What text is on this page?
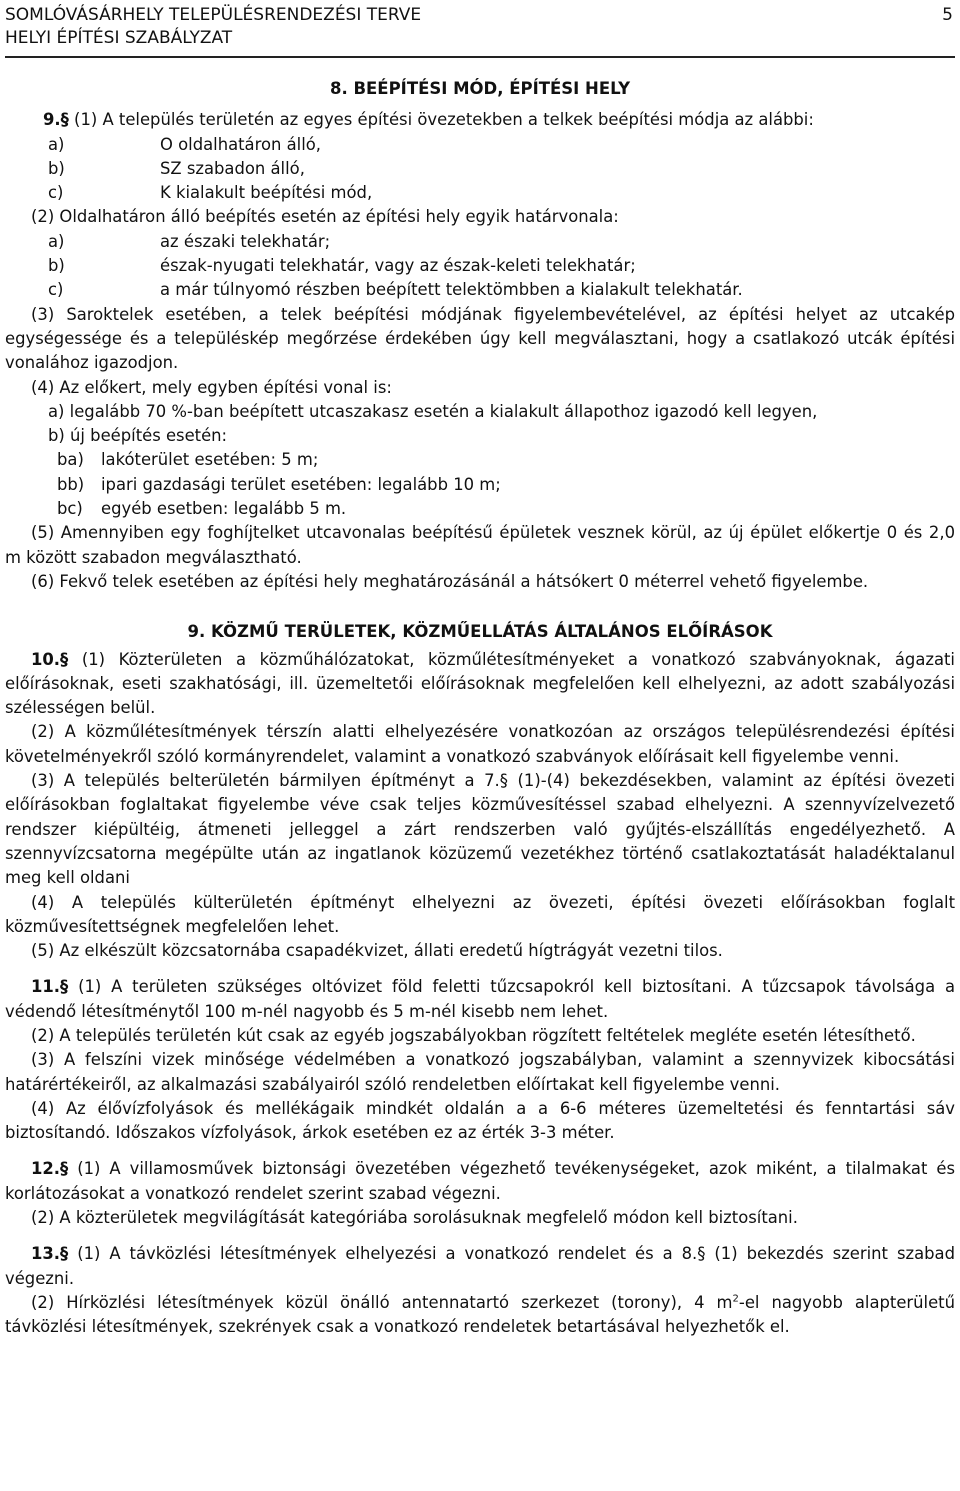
SOMLÓVÁSÁRHELY TELEPÜLÉSRENDEZÉSI TERVE
HELYI ÉPÍTÉSI SZABÁLYZAT
5
8. BEÉPÍTÉSI MÓD, ÉPÍTÉSI HELY

9.§ (1) A település területén az egyes építési övezetekben a telkek beépítési módja az alábbi:

a)	O oldalhatáron álló,
b)	SZ szabadon álló,
c)	K kialakult beépítési mód,

(2) Oldalhatáron álló beépítés esetén az építési hely egyik határvonala:

a)	az északi telekhatár;
b)	észak-nyugati telekhatár, vagy az észak-keleti telekhatár;
c)	a már túlnyomó részben beépített telektömbben a kialakult telekhatár.

(3) Saroktelek esetében, a telek beépítési módjának figyelembevételével, az építési helyet az utcakép egységessége és a településkép megőrzése érdekében úgy kell megválasztani, hogy a csatlakozó utcák építési vonalához igazodjon.

(4) Az előkert, mely egyben építési vonal is:

a) legalább 70 %-ban beépített utcaszakasz esetén a kialakult állapothoz igazodó kell legyen,

b) új beépítés esetén:

ba)	lakóterület esetében: 5 m;
bb)	ipari gazdasági terület esetében: legalább 10 m;
bc)	egyéb esetben: legalább 5 m.

(5) Amennyiben egy foghíjtelket utcavonalas beépítésű épületek vesznek körül, az új épület előkertje 0 és 2,0 m között szabadon megválasztható.

(6) Fekvő telek esetében az építési hely meghatározásánál a hátsókert 0 méterrel vehető figyelembe.

9. KÖZMŰ TERÜLETEK, KÖZMŰELLÁTÁS ÁLTALÁNOS ELŐÍRÁSOK

10.§ (1) Közterületen a közműhálózatokat, közműlétesítményeket a vonatkozó szabványoknak, ágazati előírásoknak, eseti szakhatósági, ill. üzemeltetői előírásoknak megfelelően kell elhelyezni, az adott szabályozási szélességen belül.

(2) A közműlétesítmények térszín alatti elhelyezésére vonatkozóan az országos településrendezési építési követelményekről szóló kormányrendelet, valamint a vonatkozó szabványok előírásait kell figyelembe venni.

(3) A település belterületén bármilyen építményt a 7.§ (1)-(4) bekezdésekben, valamint az építési övezeti előírásokban foglaltakat figyelembe véve csak teljes közművesítéssel szabad elhelyezni. A szennyvízelvezető rendszer kiépültéig, átmeneti jelleggel a zárt rendszerben való gyűjtés-elszállítás engedélyezhető. A szennyvízcsatorna megépülte után az ingatlanok közüzemű vezetékhez történő csatlakoztatását haladéktalanul meg kell oldani

(4) A település külterületén építményt elhelyezni az övezeti, építési övezeti előírásokban foglalt közművesítettségnek megfelelően lehet.

(5) Az elkészült közcsatornába csapadékvizet, állati eredetű hígtrágyát vezetni tilos.

11.§ (1) A területen szükséges oltóvizet föld feletti tűzcsapokról kell biztosítani. A tűzcsapok távolsága a védendő létesítménytől 100 m-nél nagyobb és 5 m-nél kisebb nem lehet.

(2) A település területén kút csak az egyéb jogszabályokban rögzített feltételek megléte esetén létesíthető.

(3) A felszíni vizek minősége védelmében a vonatkozó jogszabályban, valamint a szennyvizek kibocsátási határértékeiről, az alkalmazási szabályairól szóló rendeletben előírtakat kell figyelembe venni.

(4) Az élővízfolyások és mellékágaik mindkét oldalán a a 6-6 méteres üzemeltetési és fenntartási sáv biztosítandó. Időszakos vízfolyások, árkok esetében ez az érték 3-3 méter.

12.§ (1) A villamosművek biztonsági övezetében végezhető tevékenységeket, azok miként, a tilalmakat és korlátozásokat a vonatkozó rendelet szerint szabad végezni.

(2) A közterületek megvilágítását kategóriába sorolásuknak megfelelő módon kell biztosítani.

13.§ (1) A távközlési létesítmények elhelyezési a vonatkozó rendelet és a 8.§ (1) bekezdés szerint szabad végezni.

(2) Hírközlési létesítmények közül önálló antennatartó szerkezet (torony), 4 $m^2-el$ nagyobb alapterületű távközlési létesítmények, szekrények csak a vonatkozó rendeletek betartásával helyezhetők el.
